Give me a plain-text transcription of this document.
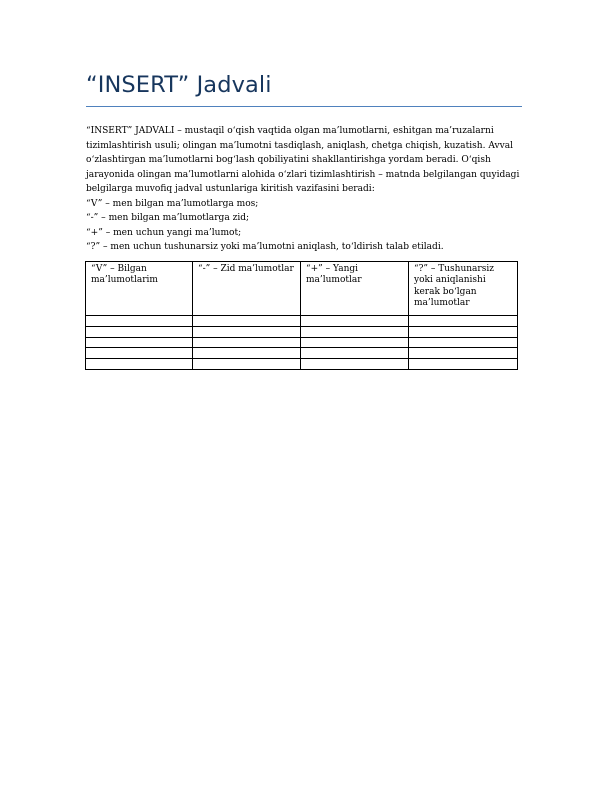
“INSERT” Jadvali

“INSERT” JADVALI – mustaqil o‘qish vaqtida olgan ma’lumotlarni, eshitgan ma’ruzalarni tizimlashtirish usuli; olingan ma’lumotni tasdiqlash, aniqlash, chetga chiqish, kuzatish. Avval o‘zlashtirgan ma’lumotlarni bog‘lash qobiliyatini shakllantirishga yordam beradi. O‘qish jarayonida olingan ma’lumotlarni alohida o‘zlari tizimlashtirish – matnda belgilangan quyidagi belgilarga muvofiq jadval ustunlariga kiritish vazifasini beradi:

“V” – men bilgan ma’lumotlarga mos;

“-” – men bilgan ma’lumotlarga zid;

“+” – men uchun yangi ma’lumot;

“?” – men uchun tushunarsiz yoki ma’lumotni aniqlash, to‘ldirish talab etiladi.

“V” – Bilgan ma’lumotlarim	“-” – Zid ma’lumotlar	“+” – Yangi ma’lumotlar	“?” – Tushunarsiz yoki aniqlanishi kerak bo‘lgan ma’lumotlar
